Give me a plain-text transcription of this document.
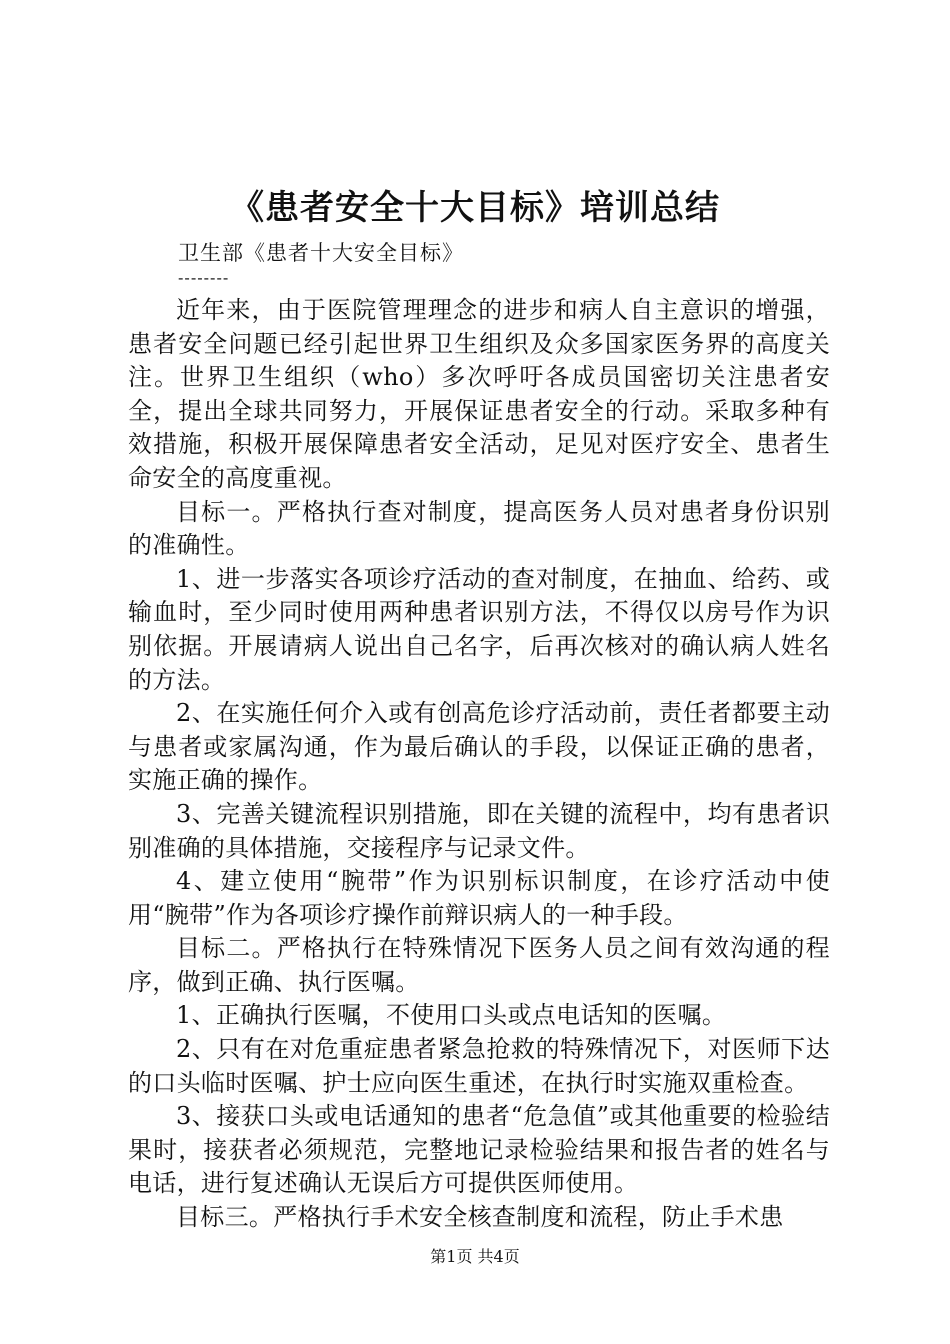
《患者安全十大目标》培训总结
卫生部《患者十大安全目标》
--------

近年来，由于医院管理理念的进步和病人自主意识的增强，患者安全问题已经引起世界卫生组织及众多国家医务界的高度关注。世界卫生组织（who）多次呼吁各成员国密切关注患者安全，提出全球共同努力，开展保证患者安全的行动。采取多种有效措施，积极开展保障患者安全活动，足见对医疗安全、患者生命安全的高度重视。

目标一。严格执行查对制度，提高医务人员对患者身份识别的准确性。

1、进一步落实各项诊疗活动的查对制度，在抽血、给药、或输血时，至少同时使用两种患者识别方法，不得仅以房号作为识别依据。开展请病人说出自己名字，后再次核对的确认病人姓名的方法。

2、在实施任何介入或有创高危诊疗活动前，责任者都要主动与患者或家属沟通，作为最后确认的手段，以保证正确的患者，实施正确的操作。

3、完善关键流程识别措施，即在关键的流程中，均有患者识别准确的具体措施，交接程序与记录文件。

4、建立使用“腕带”作为识别标识制度，在诊疗活动中使用“腕带”作为各项诊疗操作前辩识病人的一种手段。

目标二。严格执行在特殊情况下医务人员之间有效沟通的程序，做到正确、执行医嘱。

1、正确执行医嘱，不使用口头或点电话知的医嘱。

2、只有在对危重症患者紧急抢救的特殊情况下，对医师下达的口头临时医嘱、护士应向医生重述，在执行时实施双重检查。

3、接获口头或电话通知的患者“危急值”或其他重要的检验结果时，接获者必须规范，完整地记录检验结果和报告者的姓名与电话，进行复述确认无误后方可提供医师使用。

目标三。严格执行手术安全核查制度和流程，防止手术患

第1页 共4页
